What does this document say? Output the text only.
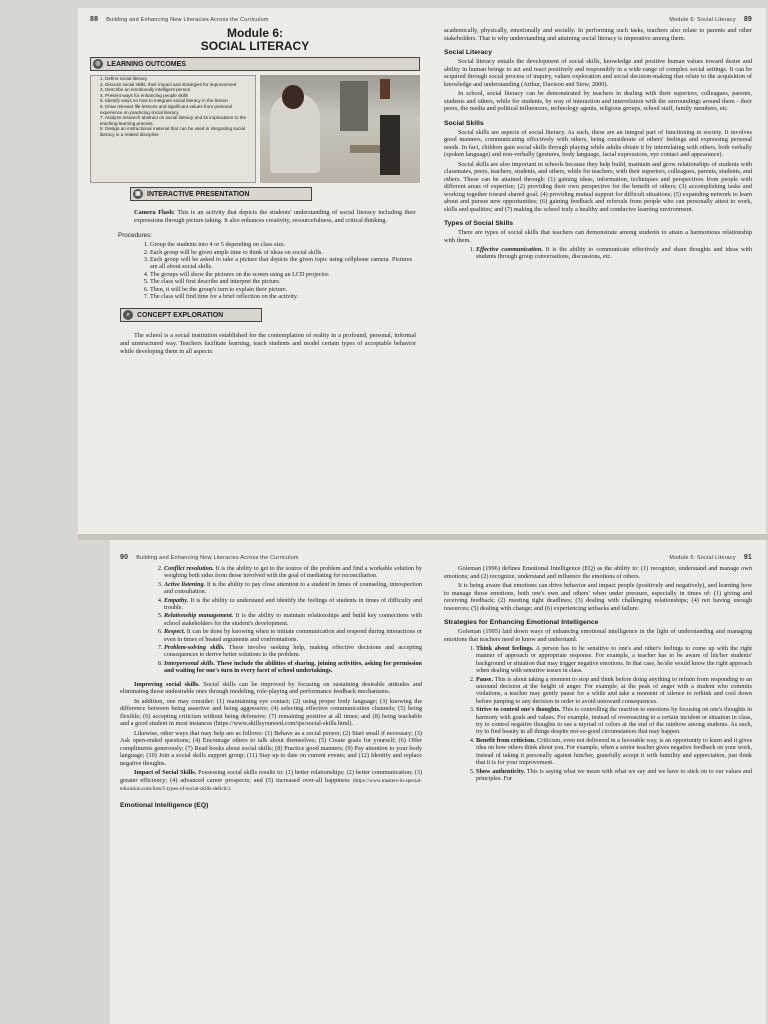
88 Building and Enhancing New Literacies Across the Curriculum
Module 6:
SOCIAL LITERACY
◎ LEARNING OUTCOMES
1. Define social literacy
2. Discuss social skills, their impact and strategies for improvement
3. Describe an emotionally intelligent person
4. Present ways for enhancing people skills
5. Identify ways on how to integrate social literacy in the lesson
6. Draw relevant life lessons and significant values from personal experience on practicing social literacy
7. Analyze research abstract on social literacy and its implications to the teaching-learning process.
8. Design an instructional material that can be used in integrating social literacy in a related discipline
▣ INTERACTIVE PRESENTATION
Camera Flash: This is an activity that depicts the students' understanding of social literacy including their expressions through picture taking. It also enhances creativity, resourcefulness, and critical thinking.
Procedures:
1. Group the students into 4 or 5 depending on class size.
2. Each group will be given ample time to think of ideas on social skills.
3. Each group will be asked to take a picture that depicts the given topic using cellphone camera. Pictures are all about social skills.
4. The groups will show the pictures on the screen using an LCD projector.
5. The class will first describe and interpret the picture.
6. Then, it will be the group's turn to explain their picture.
7. The class will find time for a brief reflection on the activity.
⌕	CONCEPT EXPLORATION
The school is a social institution established for the contemplation of reality in a profound, personal, informal and unstructured way. Teachers facilitate learning, teach students and model certain types of acceptable behavior while developing them in all aspects:
Module 6: Social Literacy 89

academically, physically, emotionally and socially. In performing such tasks, teachers also relate to parents and other stakeholders. That is why understanding and attaining social literacy is imperative among them.

Social Literacy

Social literacy entails the development of social skills, knowledge and positive human values toward desire and ability in human beings to act and react positively and responsibly in a wide range of complex social settings. It can be acquired through social process of inquiry, values exploration and social decision-making that relate to the acquisition of knowledge and understanding (Arthur, Davison and Stow, 2000).

In school, social literacy can be demonstrated by teachers in dealing with their superiors, colleagues, parents, students and others, while for students, by way of interaction and interrelation with the surroundings around them - their peers, the media and political influencers, technology agents, religious groups, school staff, family members, etc.

Social Skills

Social skills are aspects of social literacy. As such, these are an integral part of functioning in society. It involves good manners, communicating effectively with others, being considerate of others' feelings and expressing personal needs. In fact, children gain social skills through playing while adults obtain it by interrelating with others, both verbally (spoken language) and non-verbally (gestures, body language, facial expressions, eye contact and appearance).

Social skills are also important in schools because they help build, maintain and grow relationships of students with classmates, peers, teachers, students, and others, while for teachers, with their superiors, colleagues, parents, students, and others. These can be attained through: (1) gaining ideas, information, techniques and perspectives from people with different areas of expertise; (2) providing their own perspective for the benefit of others; (3) accomplishing tasks and working together toward shared goal; (4) providing mutual support for difficult situations; (5) expanding network to learn about and pursue new opportunities; (6) gaining feedback and referrals from people who can personally attest to work, skills and qualities; and (7) making the school truly a healthy and conducive learning environment.

Types of Social Skills

There are types of social skills that teachers can demonstrate among students to attain a harmonious relationship with them.

1. Effective communication. It is the ability to communicate effectively and share thoughts and ideas with students through group conversations, discussions, etc.
90 Building and Enhancing New Literacies Across the Curriculum
2. Conflict resolution. It is the ability to get to the source of the problem and find a workable solution by weighing both sides from those involved with the goal of mediating for reconciliation.
3. Active listening. It is the ability to pay close attention to a student in times of counseling, introspection and consultation.
4. Empathy. It is the ability to understand and identify the feelings of students in times of difficulty and trouble.
5. Relationship management. It is the ability to maintain relationships and build key connections with school stakeholders for the student's development.
6. Respect. It can be done by knowing when to initiate communication and respond during interactions or even in times of heated arguments and confrontations.
7. Problem-solving skills. These involve seeking help, making effective decisions and accepting consequences to derive better solutions to the problem.
8. Interpersonal skills. These include the abilities of sharing, joining activities, asking for permission and waiting for one's turn in every facet of school undertakings.

Improving social skills. Social skills can be improved by focusing on sustaining desirable attitudes and eliminating those undesirable ones through modeling, role-playing and performance feedback mechanisms.

In addition, one may consider: (1) maintaining eye contact; (2) using proper body language; (3) knowing the difference between being assertive and being aggressive; (4) selecting effective communication channels; (5) being flexible; (6) accepting criticism without being defensive; (7) remaining positive at all times; and (8) being teachable and a good student in most instances (https://www.skillsyouneed.com/ips/social-skills.html).

Likewise, other ways that may help are as follows: (1) Behave as a social person; (2) Start small if necessary; (3) Ask open-ended questions; (4) Encourage others to talk about themselves; (5) Create goals for yourself; (6) Offer compliments generously; (7) Read books about social skills; (8) Practice good manners; (9) Pay attention to your body language; (10) Join a social skills support group; (11) Stay up to date on current events; and (12) Identify and replace negative thoughts.

Impact of Social Skills. Possessing social skills results to: (1) better relationships; (2) better communication; (3) greater efficiency; (4) advanced career prospects; and (5) increased over-all happiness (https://www.masters-in-special-education.com/lists/5-types-of-social-skills-deficit/).

Emotional Intelligence (EQ)
Module 6: Social Literacy 91

Goleman (1996) defines Emotional Intelligence (EQ) as the ability to: (1) recognize, understand and manage own emotions; and (2) recognize, understand and influence the emotions of others.

It is being aware that emotions can drive behavior and impact people (positively and negatively), and learning how to manage those emotions, both one's own and others' when under pressure, especially in times of: (1) giving and receiving feedback; (2) meeting tight deadlines; (3) dealing with challenging relationships; (4) not having enough resources; (5) dealing with change; and (6) experiencing setbacks and failure.

Strategies for Enhancing Emotional Intelligence

Goleman (1995) laid down ways of enhancing emotional intelligence in the light of understanding and managing emotions that teachers need to know and understand.

1. Think about feelings. A person has to be sensitive to one's and other's feelings to come up with the right manner of approach or appropriate response. For example, a teacher has to be aware of his/her students' background or situation that may trigger negative emotions. In that case, he/she would know the right approach when dealing with sensitive issues in class.
2. Pause. This is about taking a moment to stop and think before doing anything to refrain from responding to an unsound decision at the height of anger. For example, at the peak of anger with a student who commits violations, a teacher may gently pause for a while and take a moment of silence to rethink and cool down before jumping to any decision in order to avoid untoward consequences.
3. Strive to control one's thoughts. This is controlling the reaction to emotions by focusing on one's thoughts in harmony with goals and values. For example, instead of overreacting to a certain incident or situation in class, try to control negative thoughts to see a myriad of colors at the end of the rainbow among students. As such, try to find beauty in all things despite not-so-good circumstances that may happen.
4. Benefit from criticism. Criticism, even not delivered in a favorable way, is an opportunity to learn and it gives idea on how others think about you. For example, when a senior teacher gives negative feedback on your work, instead of taking it personally against him/her, gratefully accept it with humility and appreciation, just think that it is for your improvement.
5. Show authenticity. This is saying what we mean with what we say and we have to stick on to our values and principles. For
